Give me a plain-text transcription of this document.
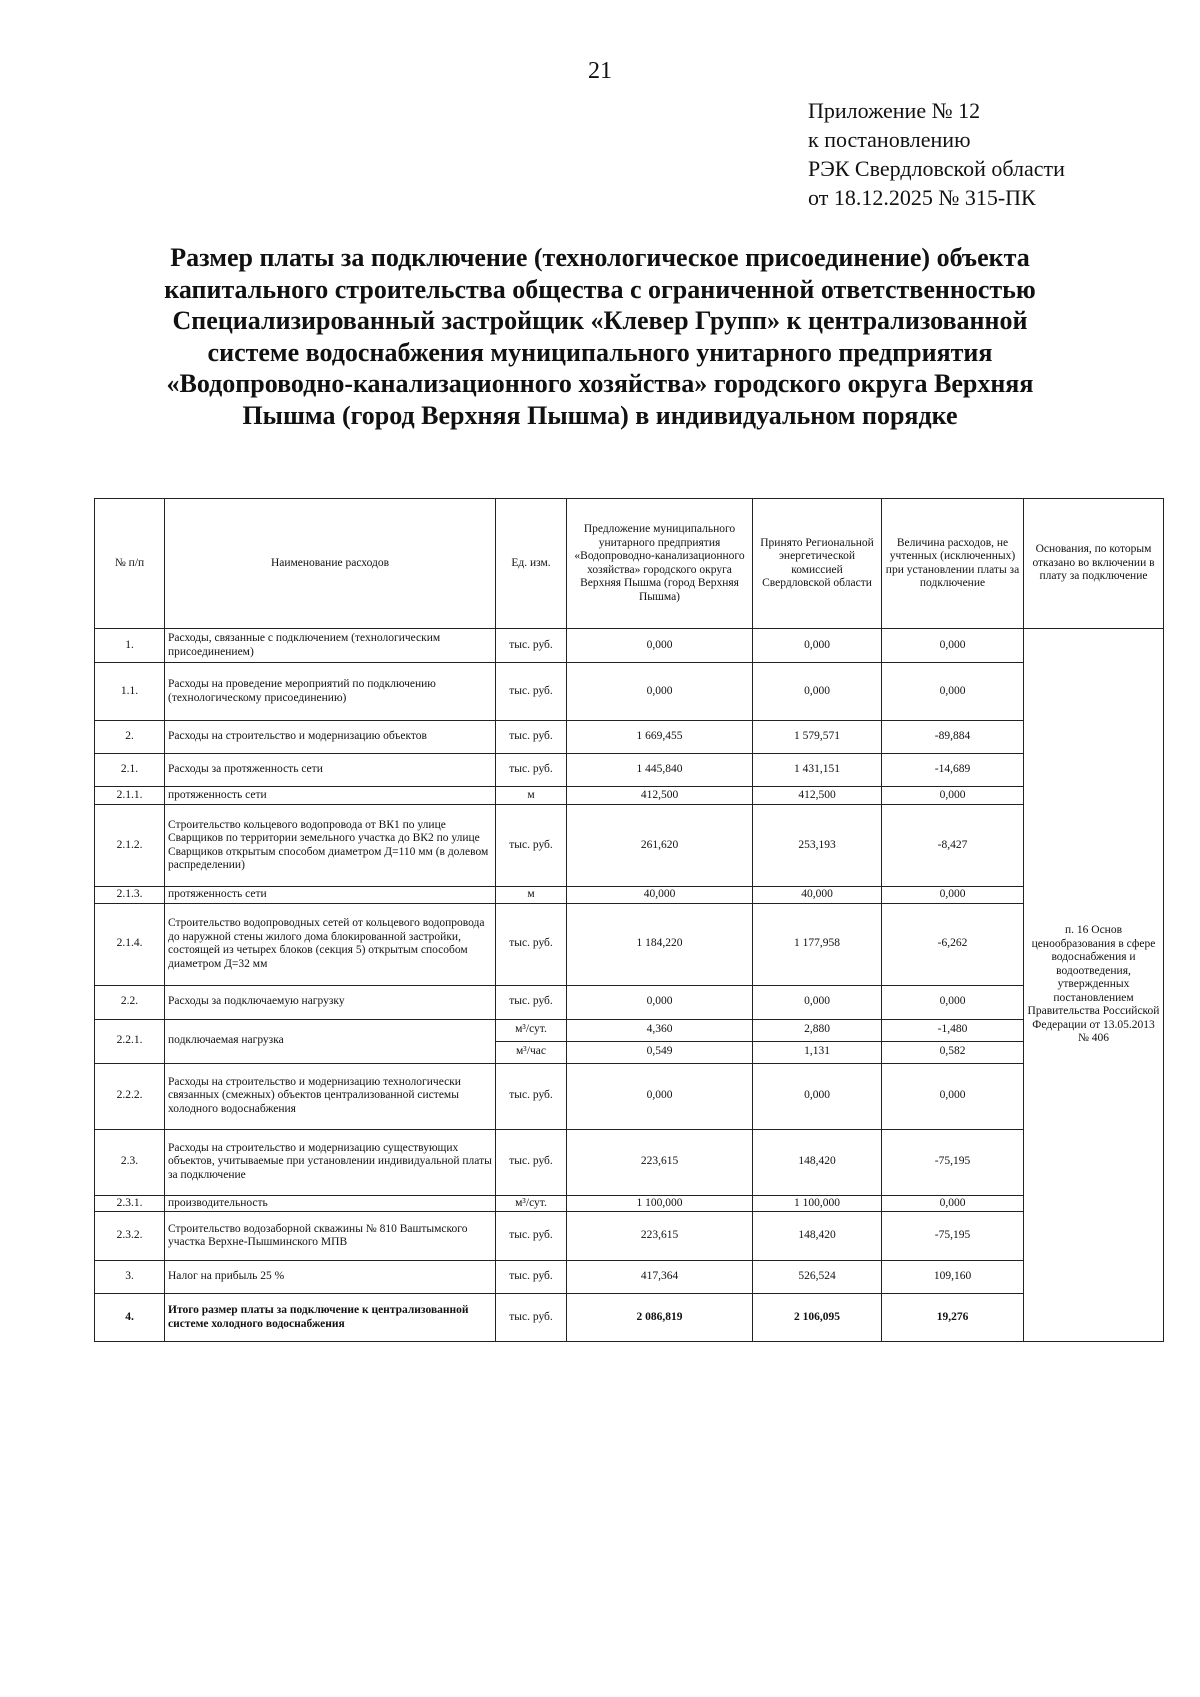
21
Приложение № 12
к постановлению
РЭК Свердловской области
от 18.12.2025 № 315-ПК
Размер платы за подключение (технологическое присоединение) объекта
капитального строительства общества с ограниченной ответственностью
Специализированный застройщик «Клевер Групп» к централизованной
системе водоснабжения муниципального унитарного предприятия
«Водопроводно-канализационного хозяйства» городского округа Верхняя
Пышма (город Верхняя Пышма) в индивидуальном порядке
№ п/п	Наименование расходов	Ед. изм.	Предложение муниципального унитарного предприятия «Водопроводно-канализационного хозяйства» городского округа Верхняя Пышма (город Верхняя Пышма)	Принято Региональной энергетической комиссией Свердловской области	Величина расходов, не учтенных (исключенных) при установлении платы за подключение	Основания, по которым отказано во включении в плату за подключение
1.	Расходы, связанные с подключением (технологическим присоединением)	тыс. руб.	0,000	0,000	0,000	п. 16 Основ ценообразования в сфере водоснабжения и водоотведения, утвержденных постановлением Правительства Российской Федерации от 13.05.2013 № 406
1.1.	Расходы на проведение мероприятий по подключению (технологическому присоединению)	тыс. руб.	0,000	0,000	0,000	
2.	Расходы на строительство и модернизацию объектов	тыс. руб.	1 669,455	1 579,571	-89,884	
2.1.	Расходы за протяженность сети	тыс. руб.	1 445,840	1 431,151	-14,689	
2.1.1.	протяженность сети	м	412,500	412,500	0,000	
2.1.2.	Строительство кольцевого водопровода от ВК1 по улице Сварщиков по территории земельного участка до ВК2 по улице Сварщиков открытым способом диаметром Д=110 мм (в долевом распределении)	тыс. руб.	261,620	253,193	-8,427	
2.1.3.	протяженность сети	м	40,000	40,000	0,000	
2.1.4.	Строительство водопроводных сетей от кольцевого водопровода до наружной стены жилого дома блокированной застройки, состоящей из четырех блоков (секция 5) открытым способом диаметром Д=32 мм	тыс. руб.	1 184,220	1 177,958	-6,262	
2.2.	Расходы за подключаемую нагрузку	тыс. руб.	0,000	0,000	0,000	
2.2.1.	подключаемая нагрузка	м³/сут.	4,360	2,880	-1,480	
		м³/час	0,549	1,131	0,582	
2.2.2.	Расходы на строительство и модернизацию технологически связанных (смежных) объектов централизованной системы холодного водоснабжения	тыс. руб.	0,000	0,000	0,000	
2.3.	Расходы на строительство и модернизацию существующих объектов, учитываемые при установлении индивидуальной платы за подключение	тыс. руб.	223,615	148,420	-75,195	
2.3.1.	производительность	м³/сут.	1 100,000	1 100,000	0,000	
2.3.2.	Строительство водозаборной скважины № 810 Ваштымского участка Верхне-Пышминского МПВ	тыс. руб.	223,615	148,420	-75,195	
3.	Налог на прибыль 25 %	тыс. руб.	417,364	526,524	109,160	
4.	Итого размер платы за подключение к централизованной системе холодного водоснабжения	тыс. руб.	2 086,819	2 106,095	19,276	
